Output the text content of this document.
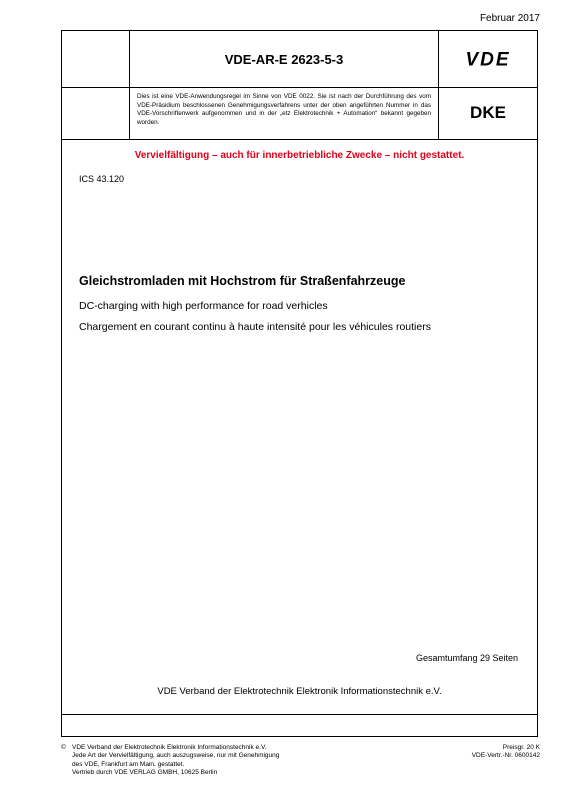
Februar 2017
VDE-AR-E 2623-5-3	VDE
Dies ist eine VDE-Anwendungsregel im Sinne von VDE 0022. Sie ist nach der Durchführung des vom VDE-Präsidium beschlossenen Genehmigungsverfahrens unter der oben angeführten Nummer in das VDE-Vorschriftenwerk aufgenommen und in der „etz Elektrotechnik + Automation“ bekannt gegeben worden.
DKE
Vervielfältigung – auch für innerbetriebliche Zwecke – nicht gestattet.
ICS 43.120
Gleichstromladen mit Hochstrom für Straßenfahrzeuge
DC-charging with high performance for road verhicles
Chargement en courant continu à haute intensité pour les véhicules routiers
Gesamtumfang 29 Seiten
VDE Verband der Elektrotechnik Elektronik Informationstechnik e.V.
© VDE Verband der Elektrotechnik Elektronik Informationstechnik e.V.
Jede Art der Vervielfältigung, auch auszugsweise, nur mit Genehmigung
des VDE, Frankfurt am Main, gestattet.
Vertrieb durch VDE VERLAG GMBH, 10625 Berlin
Preisgr. 20 K
VDE-Vertr.-Nr. 0600142
